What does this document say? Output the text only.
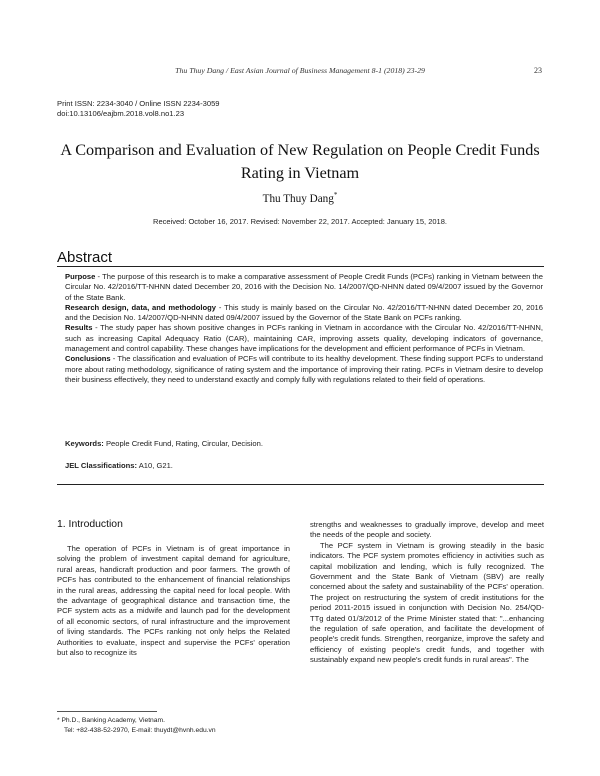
Thu Thuy Dang / East Asian Journal of Business Management 8-1 (2018) 23-29	23
Print ISSN: 2234-3040 / Online ISSN 2234-3059
doi:10.13106/eajbm.2018.vol8.no1.23
A Comparison and Evaluation of New Regulation on People Credit Funds Rating in Vietnam
Thu Thuy Dang*
Received: October 16, 2017. Revised: November 22, 2017. Accepted: January 15, 2018.
Abstract

Purpose - The purpose of this research is to make a comparative assessment of People Credit Funds (PCFs) ranking in Vietnam between the Circular No. 42/2016/TT-NHNN dated December 20, 2016 with the Decision No. 14/2007/QD-NHNN dated 09/4/2007 issued by the Governor of the State Bank.

Research design, data, and methodology - This study is mainly based on the Circular No. 42/2016/TT-NHNN dated December 20, 2016 and the Decision No. 14/2007/QD-NHNN dated 09/4/2007 issued by the Governor of the State Bank on PCFs ranking.

Results - The study paper has shown positive changes in PCFs ranking in Vietnam in accordance with the Circular No. 42/2016/TT-NHNN, such as increasing Capital Adequacy Ratio (CAR), maintaining CAR, improving assets quality, developing indicators of governance, management and control capability. These changes have implications for the development and efficient performance of PCFs in Vietnam.

Conclusions - The classification and evaluation of PCFs will contribute to its healthy development. These finding support PCFs to understand more about rating methodology, significance of rating system and the importance of improving their rating. PCFs in Vietnam desire to develop their business effectively, they need to understand exactly and comply fully with regulations related to their field of operations.

Keywords: People Credit Fund, Rating, Circular, Decision.
JEL Classifications: A10, G21.
1. Introduction

The operation of PCFs in Vietnam is of great importance in solving the problem of investment capital demand for agriculture, rural areas, handicraft production and poor farmers. The growth of PCFs has contributed to the enhancement of financial relationships in the rural areas, addressing the capital need for local people. With the advantage of geographical distance and transaction time, the PCF system acts as a midwife and launch pad for the development of all economic sectors, of rural infrastructure and the improvement of living standards. The PCFs ranking not only helps the Related Authorities to evaluate, inspect and supervise the PCFs' operation but also to recognize its

strengths and weaknesses to gradually improve, develop and meet the needs of the people and society.

The PCF system in Vietnam is growing steadily in the basic indicators. The PCF system promotes efficiency in activities such as capital mobilization and lending, which is fully recognized. The Government and the State Bank of Vietnam (SBV) are really concerned about the safety and sustainability of the PCFs' operation. The project on restructuring the system of credit institutions for the period 2011-2015 issued in conjunction with Decision No. 254/QD-TTg dated 01/3/2012 of the Prime Minister stated that: "...enhancing the regulation of safe operation, and facilitate the development of people's credit funds. Strengthen, reorganize, improve the safety and efficiency of existing people's credit funds, and together with sustainably expand new people's credit funds in rural areas". The

* Ph.D., Banking Academy, Vietnam.
Tel: +82-438-52-2970, E-mail: thuydt@hvnh.edu.vn
